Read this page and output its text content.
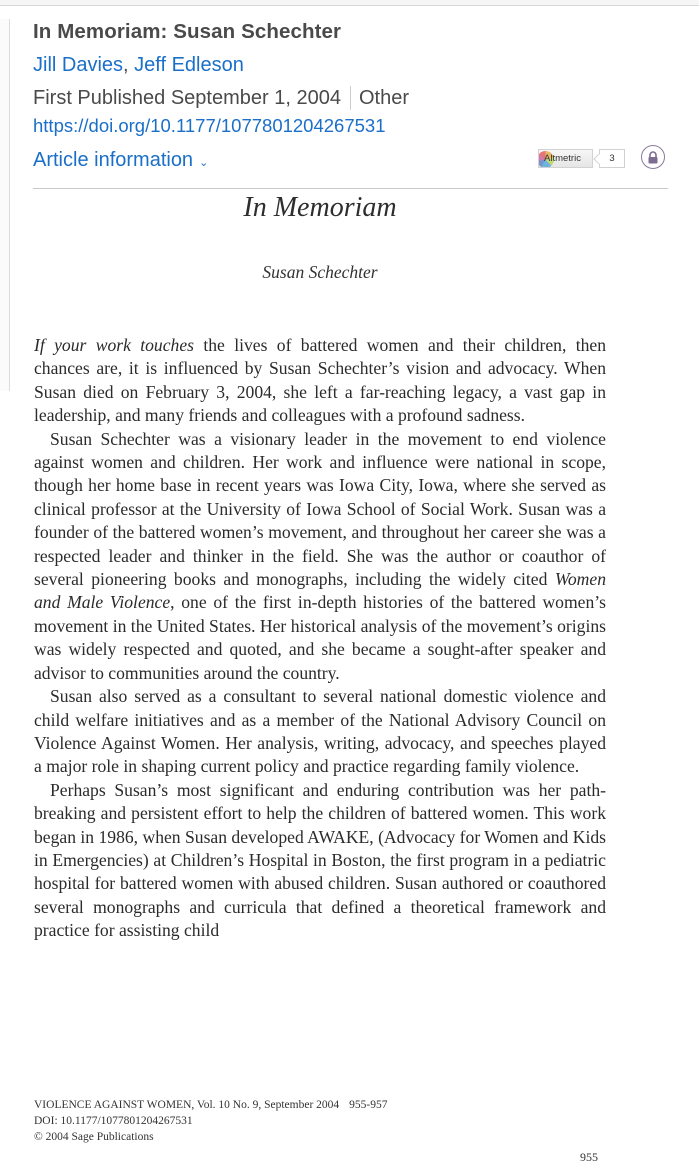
In Memoriam: Susan Schechter
Jill Davies, Jeff Edleson
First Published September 1, 2004 Other
https://doi.org/10.1177/1077801204267531
Article information ⌄	Altmetric	3
In Memoriam
Susan Schechter

If your work touches the lives of battered women and their children, then chances are, it is influenced by Susan Schechter’s vision and advocacy. When Susan died on February 3, 2004, she left a far-reaching legacy, a vast gap in leadership, and many friends and colleagues with a profound sadness.

Susan Schechter was a visionary leader in the movement to end violence against women and children. Her work and influence were national in scope, though her home base in recent years was Iowa City, Iowa, where she served as clinical professor at the University of Iowa School of Social Work. Susan was a founder of the battered women’s movement, and throughout her career she was a respected leader and thinker in the field. She was the author or coauthor of several pioneering books and monographs, including the widely cited Women and Male Violence, one of the first in-depth histories of the battered women’s movement in the United States. Her historical analysis of the movement’s origins was widely respected and quoted, and she became a sought-after speaker and advisor to communities around the country.

Susan also served as a consultant to several national domestic violence and child welfare initiatives and as a member of the National Advisory Council on Violence Against Women. Her analysis, writing, advocacy, and speeches played a major role in shaping current policy and practice regarding family violence.

Perhaps Susan’s most significant and enduring contribution was her path-breaking and persistent effort to help the children of battered women. This work began in 1986, when Susan developed AWAKE, (Advocacy for Women and Kids in Emergencies) at Children’s Hospital in Boston, the first program in a pediatric hospital for battered women with abused children. Susan authored or coauthored several monographs and curricula that defined a theoretical framework and practice for assisting child

VIOLENCE AGAINST WOMEN, Vol. 10 No. 9, September 2004 955-957
DOI: 10.1177/1077801204267531
© 2004 Sage Publications
955
